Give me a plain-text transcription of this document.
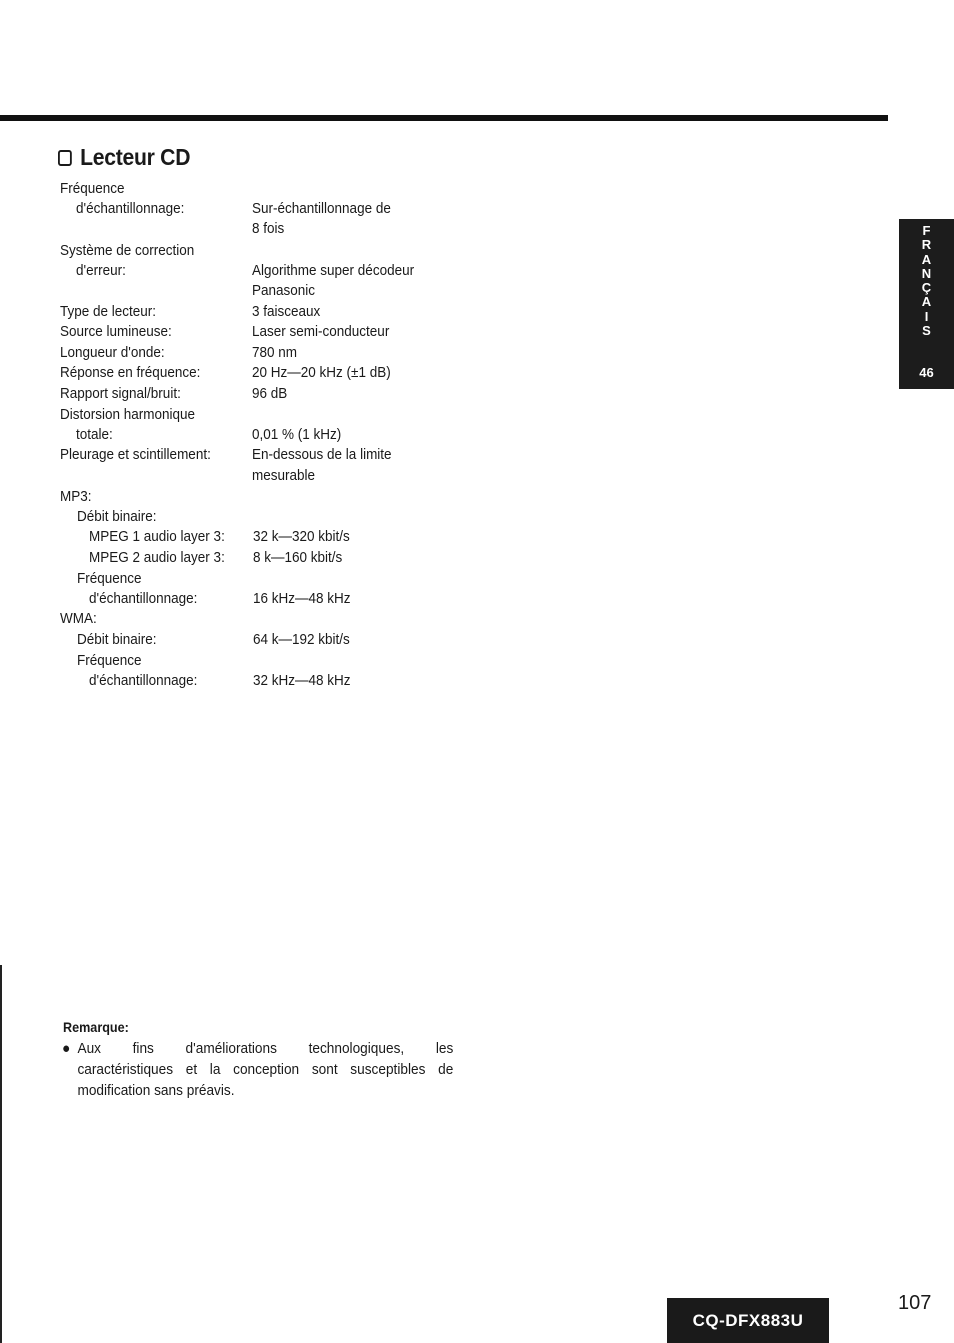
Lecteur CD
Fréquence
d'échantillonnage:	Sur-échantillonnage de
8 fois
Système de correction
d'erreur:	Algorithme super décodeur
Panasonic
Type de lecteur:	3 faisceaux
Source lumineuse:	Laser semi-conducteur
Longueur d'onde:	780 nm
Réponse en fréquence:	20 Hz—20 kHz (±1 dB)
Rapport signal/bruit:	96 dB
Distorsion harmonique
totale:	0,01 % (1 kHz)
Pleurage et scintillement:	En-dessous de la limite
mesurable
MP3:
Débit binaire:
MPEG 1 audio layer 3: 32 k—320 kbit/s
MPEG 2 audio layer 3: 8 k—160 kbit/s
Fréquence
d'échantillonnage:	16 kHz—48 kHz
WMA:
Débit binaire:	64 k—192 kbit/s
Fréquence
d'échantillonnage:	32 kHz—48 kHz
F
R
A
N
Ç
A
I
S
46
Remarque:
● Aux fins d'améliorations technologiques, les
caractéristiques et la conception sont susceptibles de modification sans préavis.
CQ-DFX883U
107
